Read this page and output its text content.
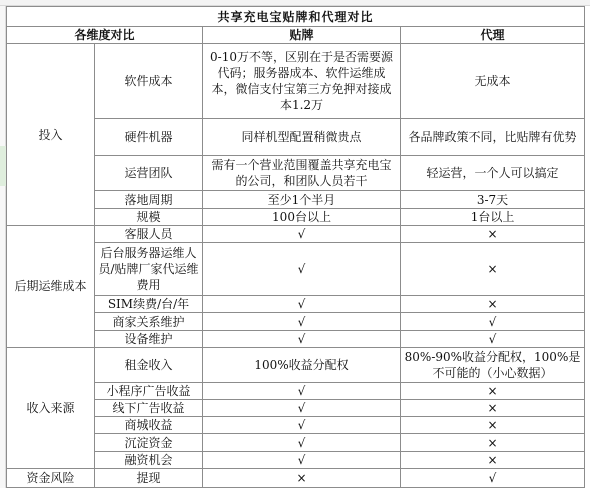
共享充电宝贴牌和代理对比			
各维度对比		贴牌	代理
投入	软件成本	0-10万不等，区别在于是否需要源代码；服务器成本、软件运维成本，微信支付宝第三方免押对接成本1.2万	无成本
	硬件机器	同样机型配置稍微贵点	各品牌政策不同，比贴牌有优势
	运营团队	需有一个营业范围覆盖共享充电宝的公司，和团队人员若干	轻运营，一个人可以搞定
	落地周期	至少1个半月	3-7天
	规模	100台以上	1台以上
后期运维成本	客服人员	√	×
	后台服务器运维人员/贴牌厂家代运维费用	√	×
	SIM续费/台/年	√	×
	商家关系维护	√	√
	设备维护	√	√
收入来源	租金收入	100%收益分配权	80%-90%收益分配权，100%是不可能的（小心数据）
	小程序广告收益	√	×
	线下广告收益	√	×
	商城收益	√	×
	沉淀资金	√	×
	融资机会	√	×
资金风险	提现	×	√
